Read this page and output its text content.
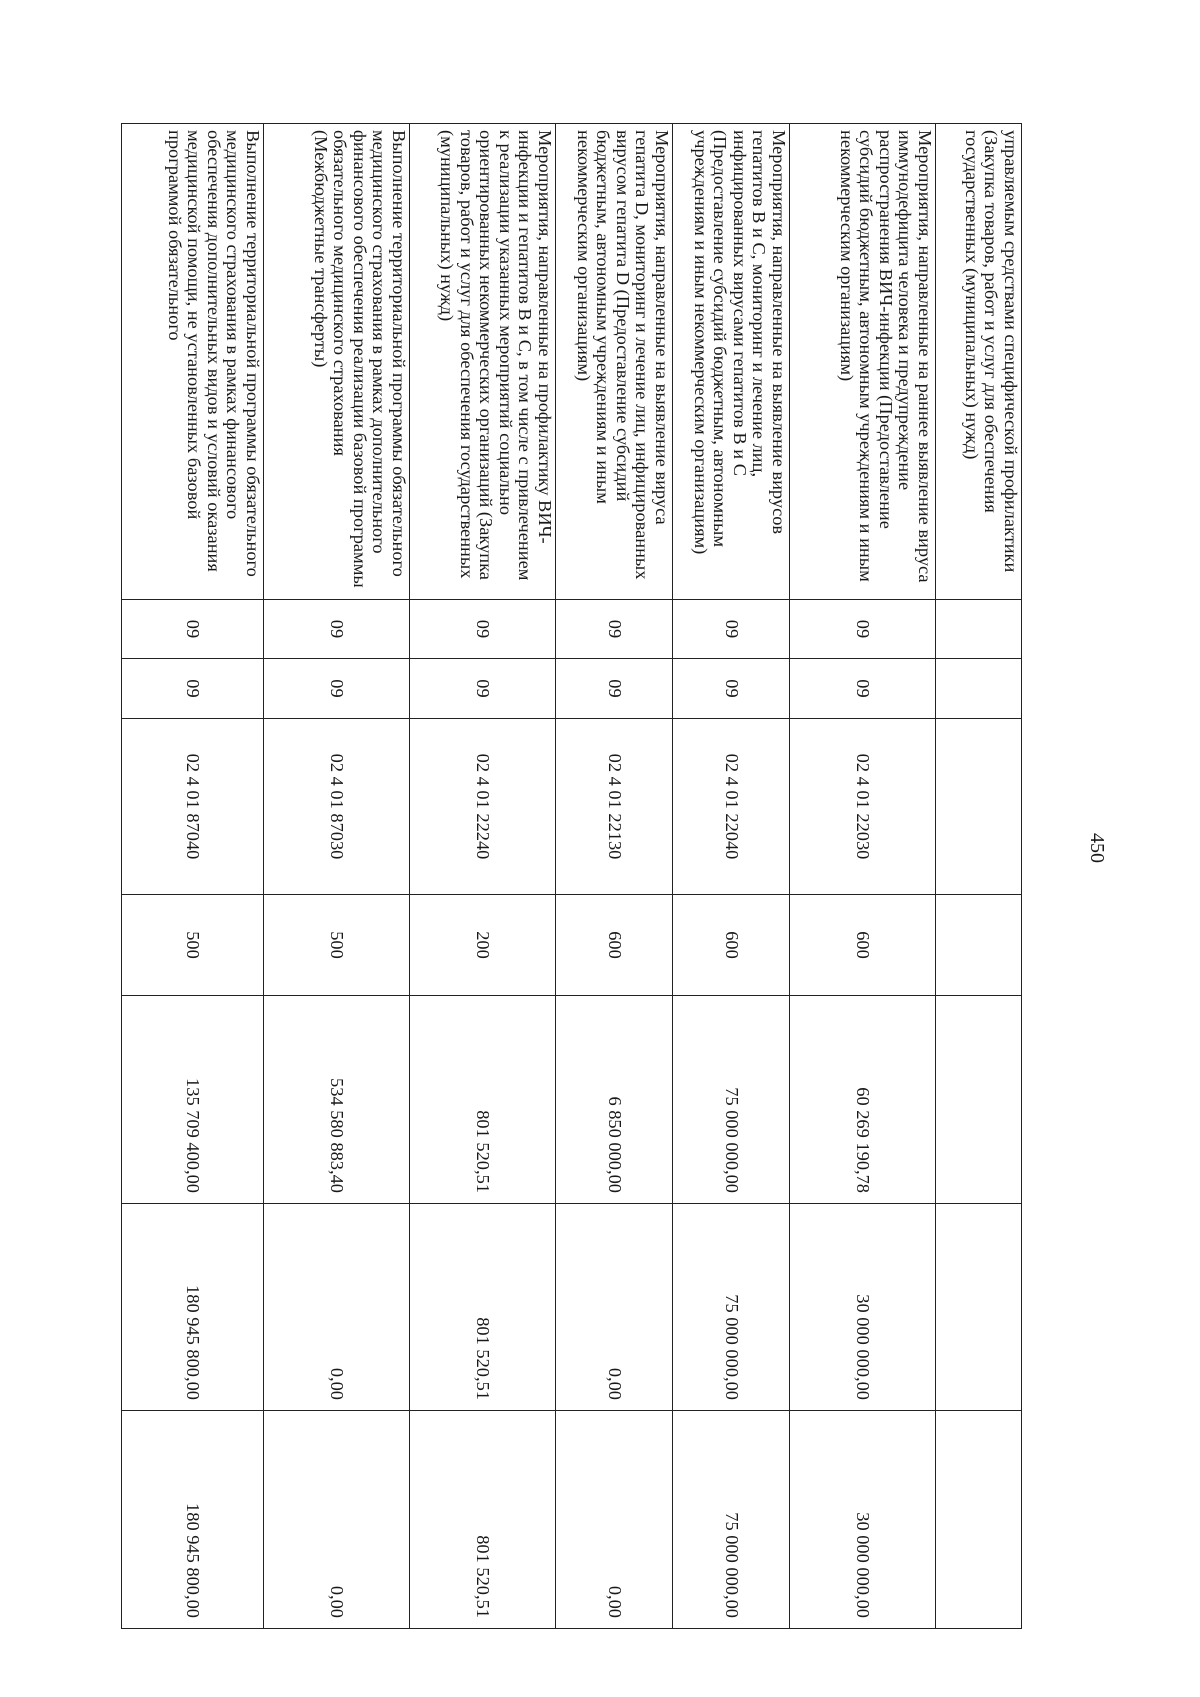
450
управляемым средствами специфической профилактики (Закупка товаров, работ и услуг для обеспечения государственных (муниципальных) нужд)							
Мероприятия, направленные на раннее выявление вируса иммунодефицита человека и предупреждение распространения ВИЧ-инфекции (Предоставление субсидий бюджетным, автономным учреждениям и иным некоммерческим организациям)	09	09	02 4 01 22030	600	60 269 190,78	30 000 000,00	30 000 000,00
Мероприятия, направленные на выявление вирусов гепатитов В и С, мониторинг и лечение лиц, инфицированных вирусами гепатитов В и С (Предоставление субсидий бюджетным, автономным учреждениям и иным некоммерческим организациям)	09	09	02 4 01 22040	600	75 000 000,00	75 000 000,00	75 000 000,00
Мероприятия, направленные на выявление вируса гепатита D, мониторинг и лечение лиц, инфицированных вирусом гепатита D (Предоставление субсидий бюджетным, автономным учреждениям и иным некоммерческим организациям)	09	09	02 4 01 22130	600	6 850 000,00	0,00	0,00
Мероприятия, направленные на профилактику ВИЧ-инфекции и гепатитов В и С, в том числе с привлечением к реализации указанных мероприятий социально ориентированных некоммерческих организаций (Закупка товаров, работ и услуг для обеспечения государственных (муниципальных) нужд)	09	09	02 4 01 22240	200	801 520,51	801 520,51	801 520,51
Выполнение территориальной программы обязательного медицинского страхования в рамках дополнительного финансового обеспечения реализации базовой программы обязательного медицинского страхования (Межбюджетные трансферты)	09	09	02 4 01 87030	500	534 580 883,40	0,00	0,00
Выполнение территориальной программы обязательного медицинского страхования в рамках финансового обеспечения дополнительных видов и условий оказания медицинской помощи, не установленных базовой программой обязательного	09	09	02 4 01 87040	500	135 709 400,00	180 945 800,00	180 945 800,00
